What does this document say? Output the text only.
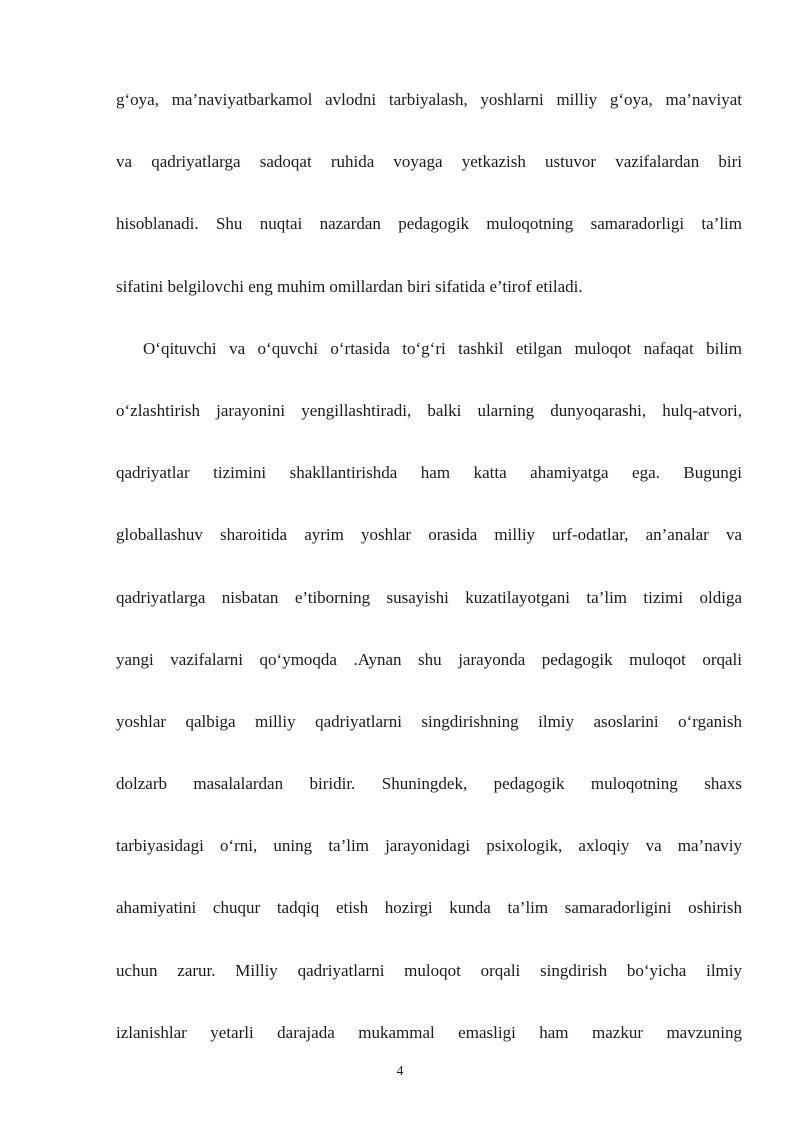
g‘oya, ma’naviyatbarkamol avlodni tarbiyalash, yoshlarni milliy g‘oya, ma’naviyat
va qadriyatlarga sadoqat ruhida voyaga yetkazish ustuvor vazifalardan biri
hisoblanadi. Shu nuqtai nazardan pedagogik muloqotning samaradorligi ta’lim
sifatini belgilovchi eng muhim omillardan biri sifatida e’tirof etiladi.
O‘qituvchi va o‘quvchi o‘rtasida to‘g‘ri tashkil etilgan muloqot nafaqat bilim
o‘zlashtirish jarayonini yengillashtiradi, balki ularning dunyoqarashi, hulq-atvori,
qadriyatlar tizimini shakllantirishda ham katta ahamiyatga ega. Bugungi
globallashuv sharoitida ayrim yoshlar orasida milliy urf-odatlar, an’analar va
qadriyatlarga nisbatan e’tiborning susayishi kuzatilayotgani ta’lim tizimi oldiga
yangi vazifalarni qo‘ymoqda .Aynan shu jarayonda pedagogik muloqot orqali
yoshlar qalbiga milliy qadriyatlarni singdirishning ilmiy asoslarini o‘rganish
dolzarb masalalardan biridir. Shuningdek, pedagogik muloqotning shaxs
tarbiyasidagi o‘rni, uning ta’lim jarayonidagi psixologik, axloqiy va ma’naviy
ahamiyatini chuqur tadqiq etish hozirgi kunda ta’lim samaradorligini oshirish
uchun zarur. Milliy qadriyatlarni muloqot orqali singdirish bo‘yicha ilmiy
izlanishlar yetarli darajada mukammal emasligi ham mazkur mavzuning
4
